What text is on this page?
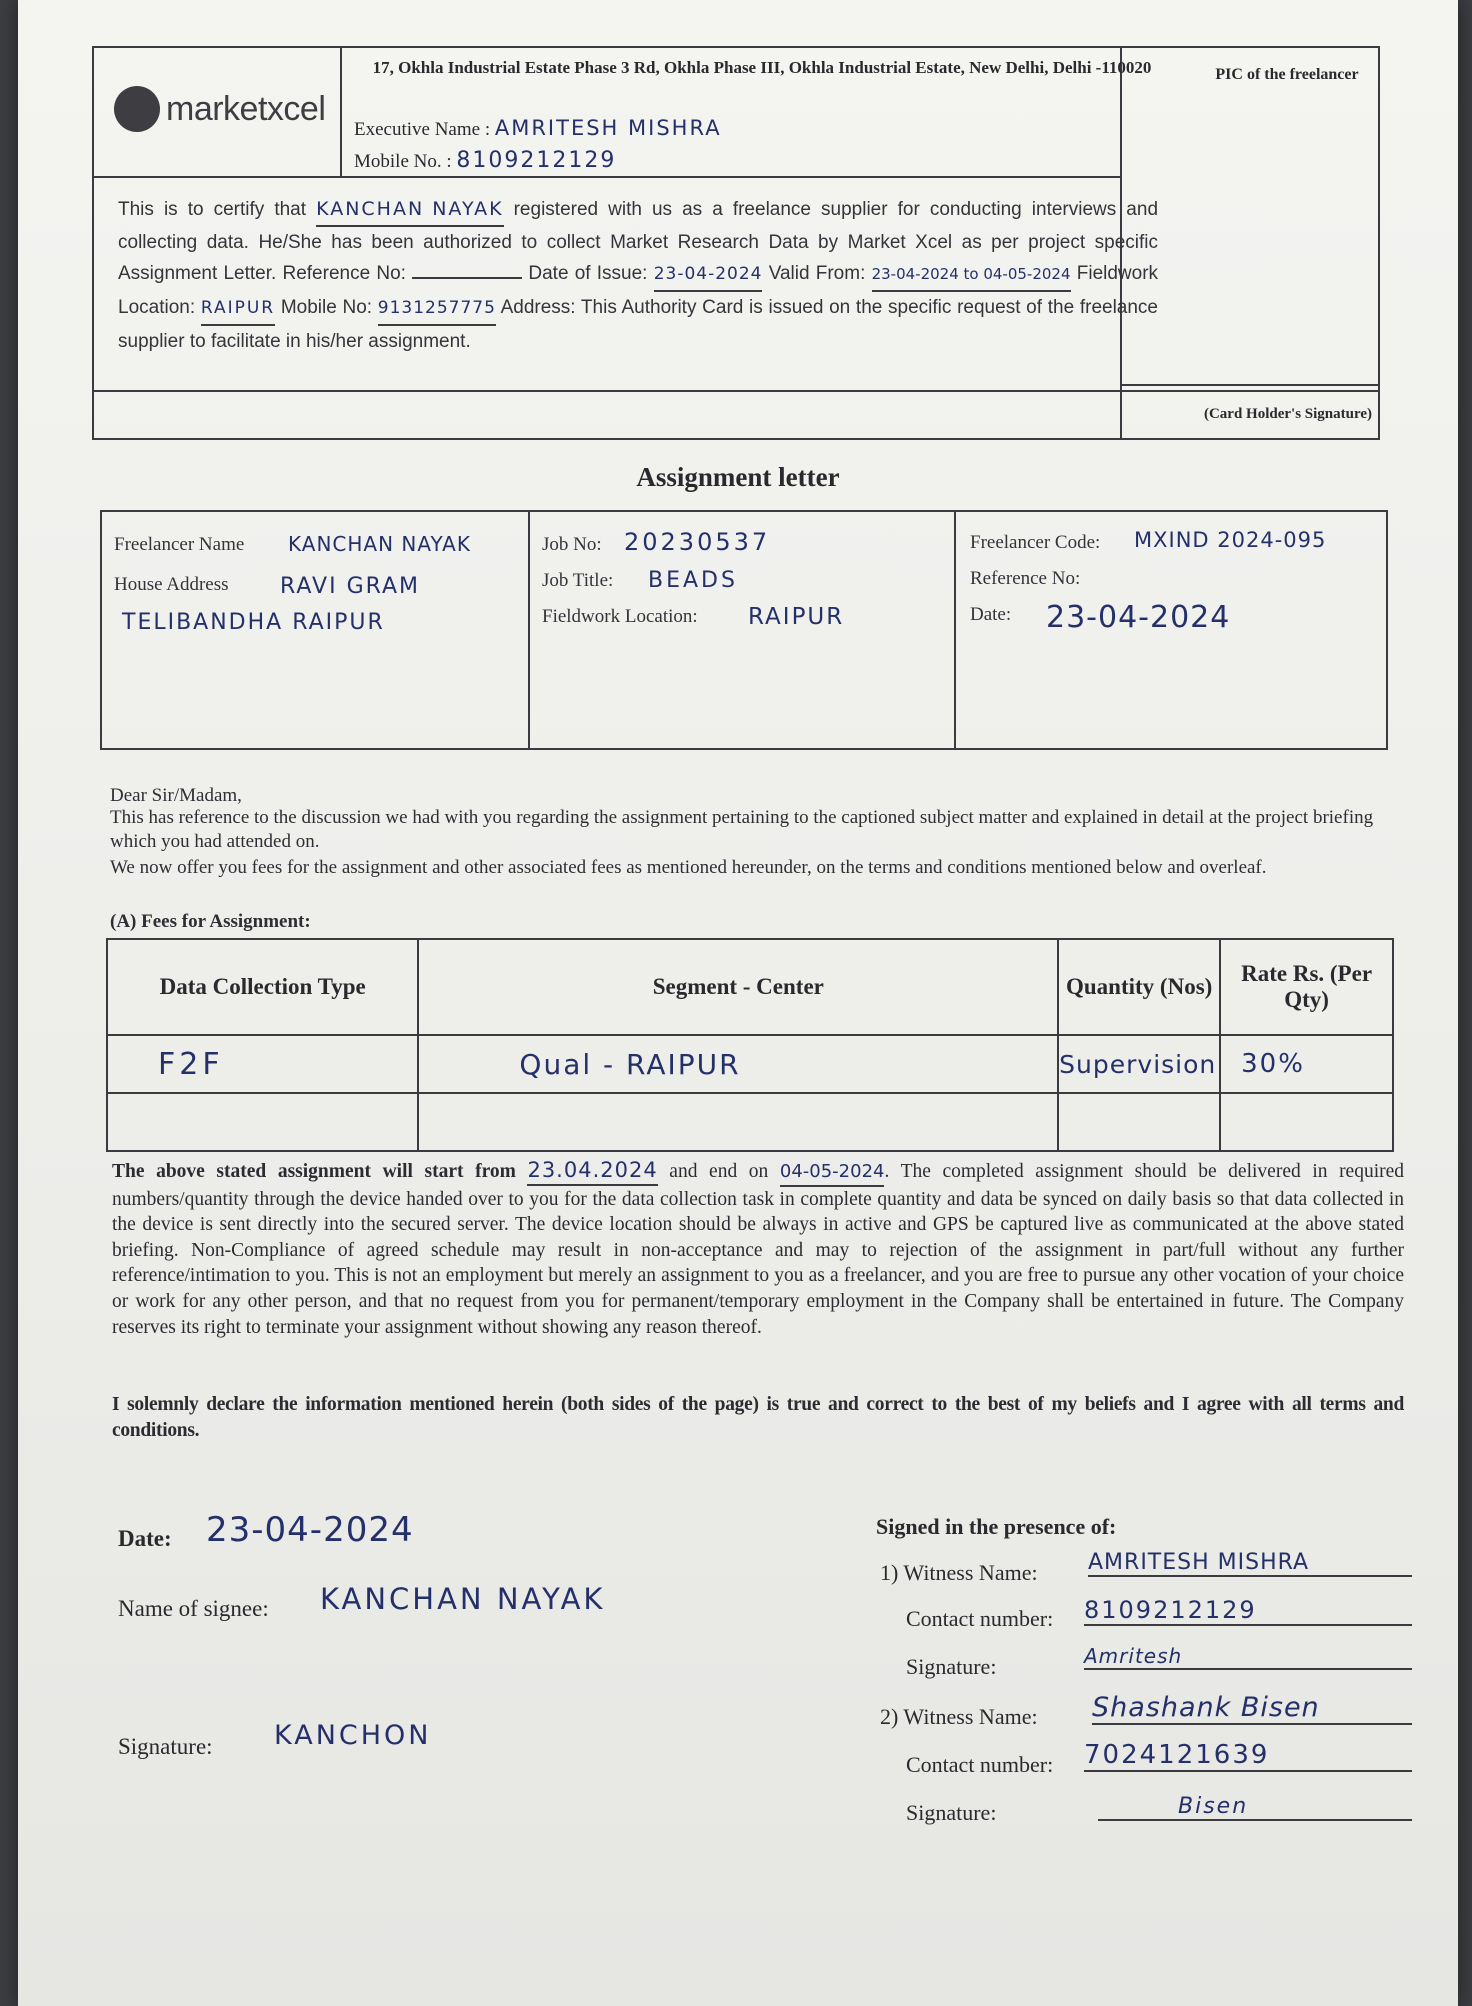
marketxcel
17, Okhla Industrial Estate Phase 3 Rd, Okhla Phase III, Okhla Industrial Estate, New Delhi, Delhi -110020
Executive Name : AMRITESH MISHRA
Mobile No. : 8109212129
PIC of the freelancer
This is to certify that KANCHAN NAYAK registered with us as a freelance supplier for conducting interviews and collecting data. He/She has been authorized to collect Market Research Data by Market Xcel as per project specific Assignment Letter. Reference No:	Date of Issue: 23-04-2024 Valid From: 23-04-2024 to 04-05-2024 Fieldwork Location: RAIPUR Mobile No: 9131257775 Address: This Authority Card is issued on the specific request of the freelance supplier to facilitate in his/her assignment.
(Card Holder's Signature)
Assignment letter
Freelancer Name KANCHAN NAYAK
House Address RAVI GRAM
TELIBANDHA RAIPUR
Job No: 20230537
Job Title: BEADS
Fieldwork Location: RAIPUR
Freelancer Code: MXIND 2024-095
Reference No:
Date: 23-04-2024
Dear Sir/Madam,
This has reference to the discussion we had with you regarding the assignment pertaining to the captioned subject matter and explained in detail at the project briefing which you had attended on.
We now offer you fees for the assignment and other associated fees as mentioned hereunder, on the terms and conditions mentioned below and overleaf.
(A) Fees for Assignment:
Data Collection Type	Segment - Center	Quantity (Nos)	Rate Rs. (Per Qty)
F2F	Qual - RAIPUR	Supervision	30%

The above stated assignment will start from 23.04.2024 and end on 04-05-2024. The completed assignment should be delivered in required numbers/quantity through the device handed over to you for the data collection task in complete quantity and data be synced on daily basis so that data collected in the device is sent directly into the secured server. The device location should be always in active and GPS be captured live as communicated at the above stated briefing. Non-Compliance of agreed schedule may result in non-acceptance and may to rejection of the assignment in part/full without any further reference/intimation to you. This is not an employment but merely an assignment to you as a freelancer, and you are free to pursue any other vocation of your choice or work for any other person, and that no request from you for permanent/temporary employment in the Company shall be entertained in future. The Company reserves its right to terminate your assignment without showing any reason thereof.
I solemnly declare the information mentioned herein (both sides of the page) is true and correct to the best of my beliefs and I agree with all terms and conditions.
Date: 23-04-2024
Name of signee: KANCHAN NAYAK
Signature: KANCHON
Signed in the presence of:
1) Witness Name: AMRITESH MISHRA
Contact number: 8109212129
Signature:	Amritesh
2) Witness Name: Shashank Bisen
Contact number: 7024121639
Signature:	Bisen
